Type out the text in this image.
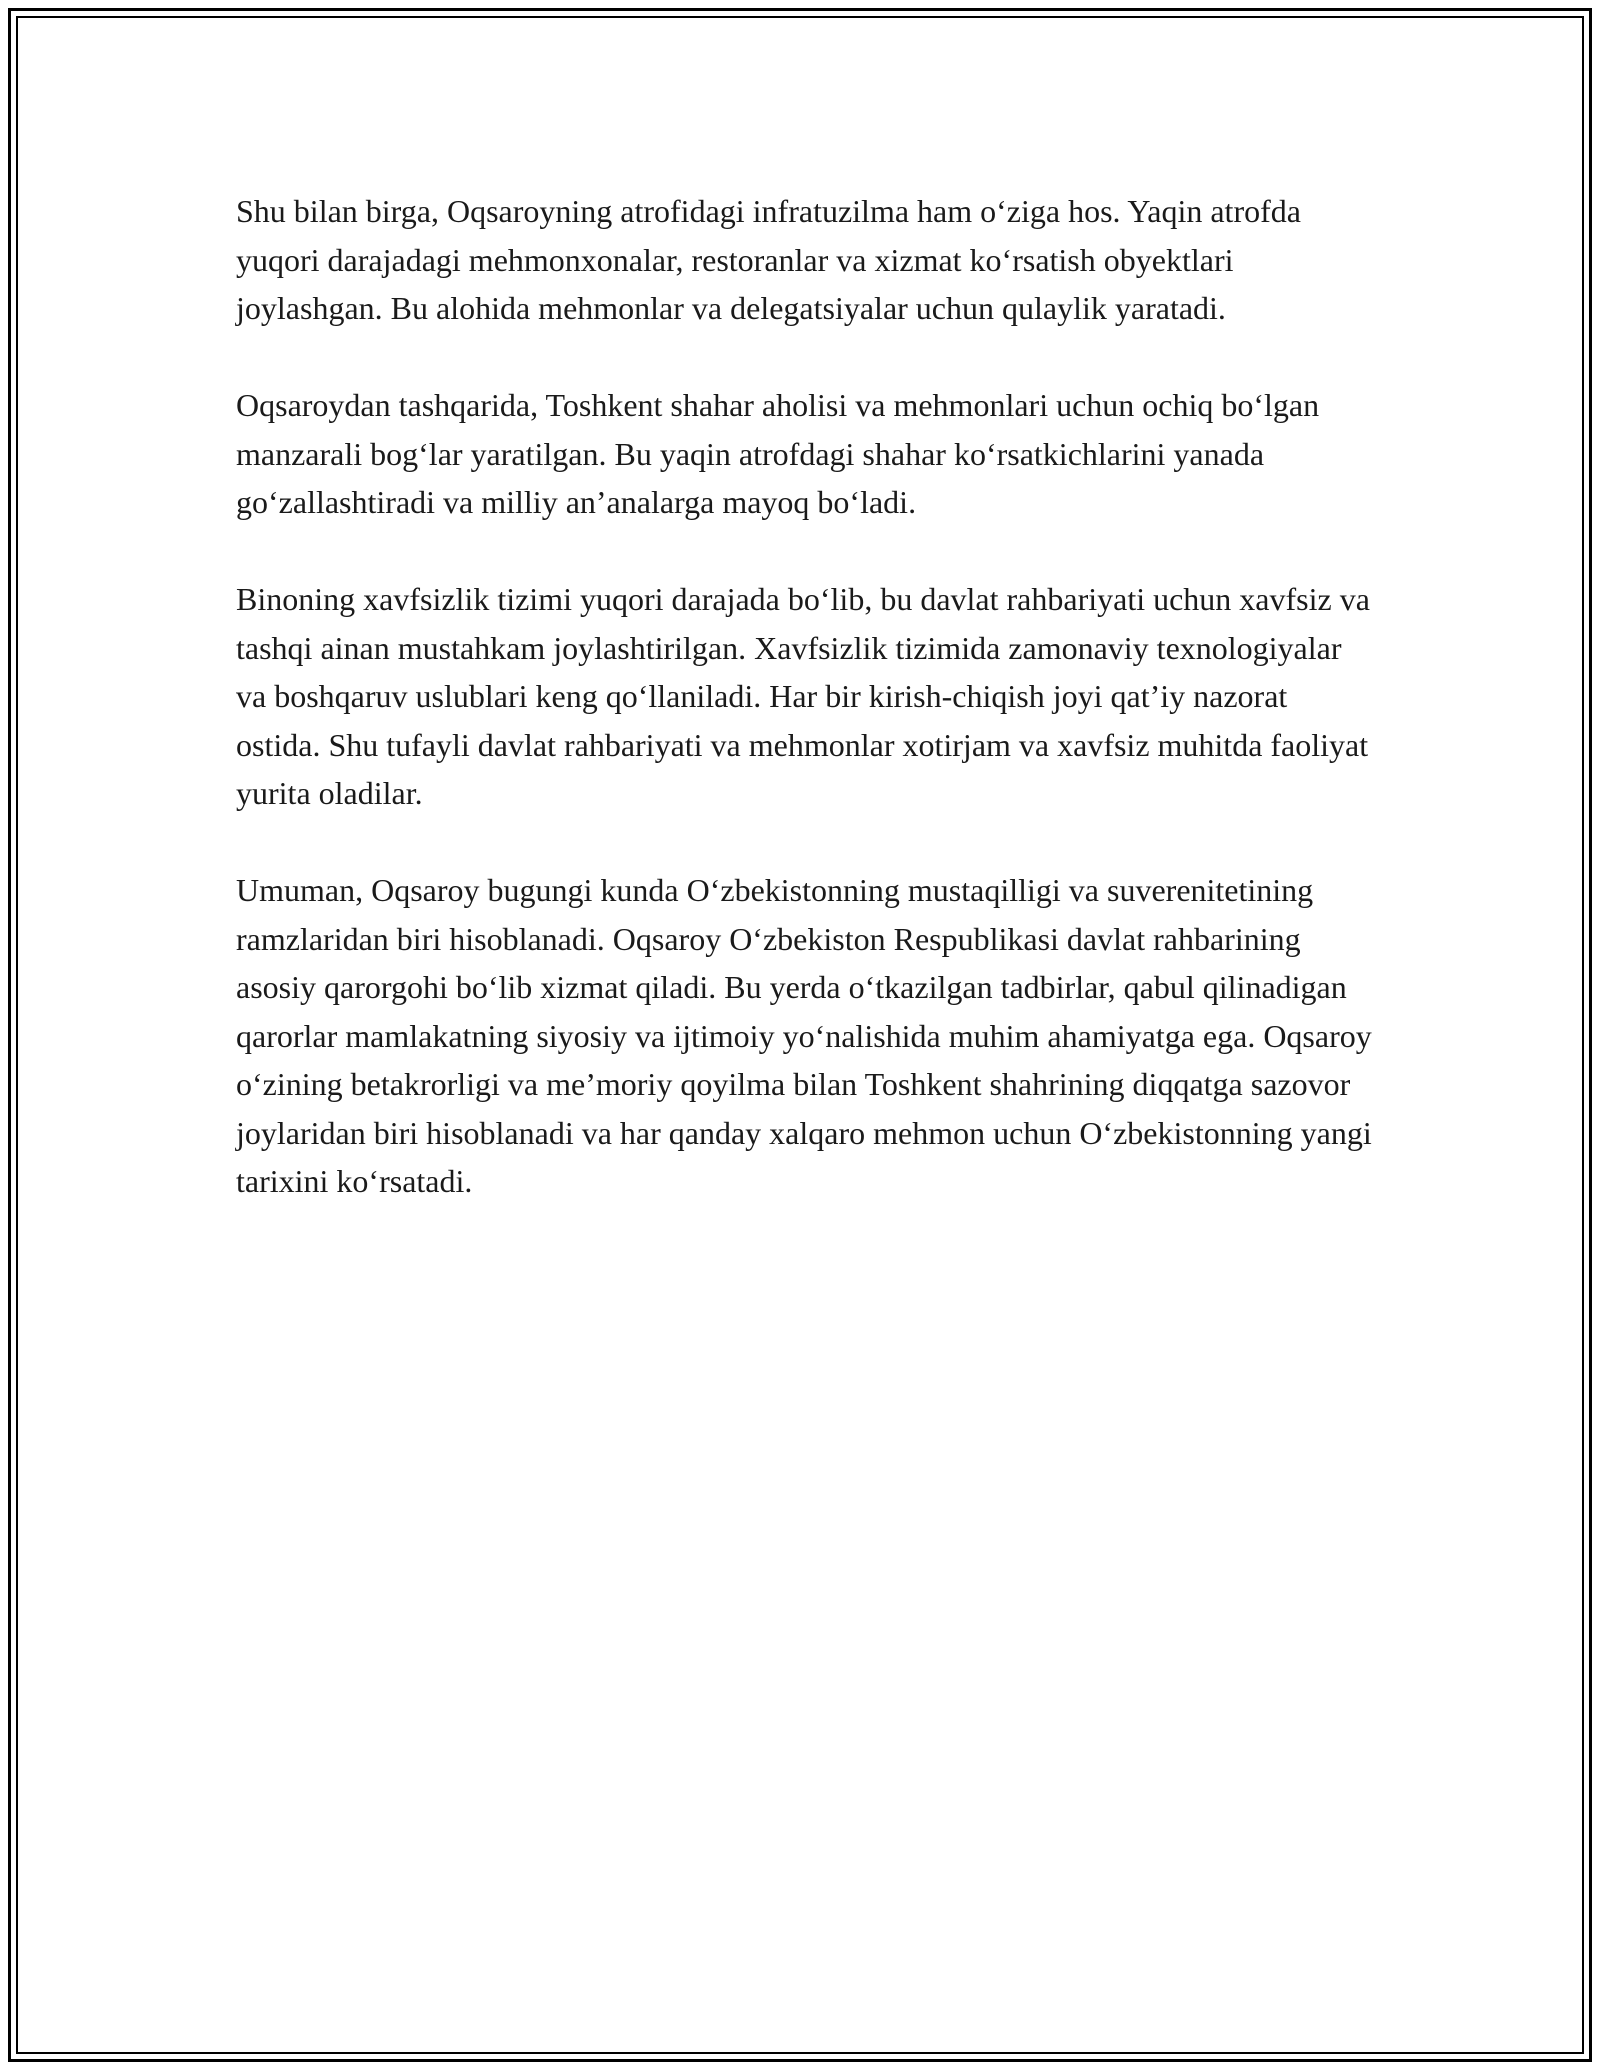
Shu bilan birga, Oqsaroyning atrofidagi infratuzilma ham o‘ziga hos. Yaqin atrofda yuqori darajadagi mehmonxonalar, restoranlar va xizmat ko‘rsatish obyektlari joylashgan. Bu alohida mehmonlar va delegatsiyalar uchun qulaylik yaratadi.

Oqsaroydan tashqarida, Toshkent shahar aholisi va mehmonlari uchun ochiq bo‘lgan manzarali bog‘lar yaratilgan. Bu yaqin atrofdagi shahar ko‘rsatkichlarini yanada go‘zallashtiradi va milliy an’analarga mayoq bo‘ladi.

Binoning xavfsizlik tizimi yuqori darajada bo‘lib, bu davlat rahbariyati uchun xavfsiz va tashqi ainan mustahkam joylashtirilgan. Xavfsizlik tizimida zamonaviy texnologiyalar va boshqaruv uslublari keng qo‘llaniladi. Har bir kirish-chiqish joyi qat’iy nazorat ostida. Shu tufayli davlat rahbariyati va mehmonlar xotirjam va xavfsiz muhitda faoliyat yurita oladilar.

Umuman, Oqsaroy bugungi kunda O‘zbekistonning mustaqilligi va suverenitetining ramzlaridan biri hisoblanadi. Oqsaroy O‘zbekiston Respublikasi davlat rahbarining asosiy qarorgohi bo‘lib xizmat qiladi. Bu yerda o‘tkazilgan tadbirlar, qabul qilinadigan qarorlar mamlakatning siyosiy va ijtimoiy yo‘nalishida muhim ahamiyatga ega. Oqsaroy o‘zining betakrorligi va me’moriy qoyilma bilan Toshkent shahrining diqqatga sazovor joylaridan biri hisoblanadi va har qanday xalqaro mehmon uchun O‘zbekistonning yangi tarixini ko‘rsatadi.
